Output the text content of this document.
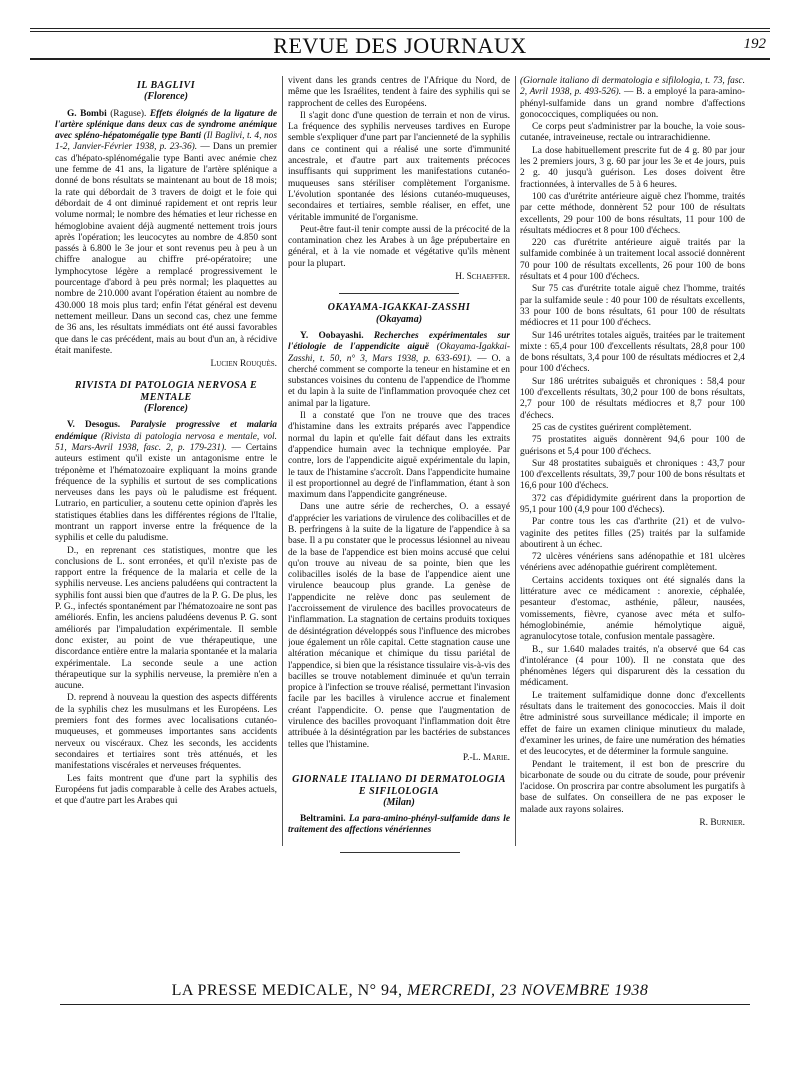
REVUE DES JOURNAUX	192

IL BAGLIVI

(Florence)

G. Bombi (Raguse). Effets éloignés de la ligature de l'artère splénique dans deux cas de syndrome anémique avec spléno-hépatomégalie type Banti (Il Baglivi, t. 4, nos 1-2, Janvier-Février 1938, p. 23-36). — Dans un premier cas d'hépato-splénomégalie type Banti avec anémie chez une femme de 41 ans, la ligature de l'artère splénique a donné de bons résultats se maintenant au bout de 18 mois; la rate qui débordait de 3 travers de doigt et le foie qui débordait de 4 ont diminué rapidement et ont repris leur volume normal; le nombre des hématies et leur richesse en hémoglobine avaient déjà augmenté nettement trois jours après l'opération; les leucocytes au nombre de 4.850 sont passés à 6.800 le 3e jour et sont revenus peu à peu à un chiffre analogue au chiffre pré-opératoire; une lymphocytose légère a remplacé progressivement le pourcentage d'abord à peu près normal; les plaquettes au nombre de 210.000 avant l'opération étaient au nombre de 430.000 18 mois plus tard; enfin l'état général est devenu nettement meilleur. Dans un second cas, chez une femme de 36 ans, les résultats immédiats ont été aussi favorables que dans le cas précédent, mais au bout d'un an, à récidive était manifeste.

Lucien Rouquès.

RIVISTA DI PATOLOGIA NERVOSA E MENTALE

(Florence)

V. Desogus. Paralysie progressive et malaria endémique (Rivista di patologia nervosa e mentale, vol. 51, Mars-Avril 1938, fasc. 2, p. 179-231). — Certains auteurs estiment qu'il existe un antagonisme entre le tréponème et l'hématozoaire expliquant la moins grande fréquence de la syphilis et surtout de ses complications nerveuses dans les pays où le paludisme est fréquent. Lutrario, en particulier, a soutenu cette opinion d'après les statistiques établies dans les différentes régions de l'Italie, montrant un rapport inverse entre la fréquence de la syphilis et celle du paludisme.

D., en reprenant ces statistiques, montre que les conclusions de L. sont erronées, et qu'il n'existe pas de rapport entre la fréquence de la malaria et celle de la syphilis nerveuse. Les anciens paludéens qui contractent la syphilis font aussi bien que d'autres de la P. G. De plus, les P. G., infectés spontanément par l'hématozoaire ne sont pas améliorés. Enfin, les anciens paludéens devenus P. G. sont améliorés par l'impaludation expérimentale. Il semble donc exister, au point de vue thérapeutique, une discordance entière entre la malaria spontanée et la malaria expérimentale. La seconde seule a une action thérapeutique sur la syphilis nerveuse, la première n'en a aucune.

D. reprend à nouveau la question des aspects différents de la syphilis chez les musulmans et les Européens. Les premiers font des formes avec localisations cutanéo-muqueuses, et gommeuses importantes sans accidents nerveux ou viscéraux. Chez les seconds, les accidents secondaires et tertiaires sont très atténués, et les manifestations viscérales et nerveuses fréquentes.

Les faits montrent que d'une part la syphilis des Européens fut jadis comparable à celle des Arabes actuels, et que d'autre part les Arabes qui

vivent dans les grands centres de l'Afrique du Nord, de même que les Israélites, tendent à faire des syphilis qui se rapprochent de celles des Européens.

Il s'agit donc d'une question de terrain et non de virus. La fréquence des syphilis nerveuses tardives en Europe semble s'expliquer d'une part par l'ancienneté de la syphilis dans ce continent qui a réalisé une sorte d'immunité ancestrale, et d'autre part aux traitements précoces insuffisants qui suppriment les manifestations cutanéo-muqueuses sans stériliser complètement l'organisme. L'évolution spontanée des lésions cutanéo-muqueuses, secondaires et tertiaires, semble réaliser, en effet, une véritable immunité de l'organisme.

Peut-être faut-il tenir compte aussi de la précocité de la contamination chez les Arabes à un âge prépubertaire en général, et à la vie nomade et végétative qu'ils mènent pour la plupart.

H. Schaeffer.

OKAYAMA-IGAKKAI-ZASSHI

(Okayama)

Y. Oobayashi. Recherches expérimentales sur l'étiologie de l'appendicite aiguë (Okayama-Igakkai-Zasshi, t. 50, n° 3, Mars 1938, p. 633-691). — O. a cherché comment se comporte la teneur en histamine et en substances voisines du contenu de l'appendice de l'homme et du lapin à la suite de l'inflammation provoquée chez cet animal par la ligature.

Il a constaté que l'on ne trouve que des traces d'histamine dans les extraits préparés avec l'appendice normal du lapin et qu'elle fait défaut dans les extraits d'appendice humain avec la technique employée. Par contre, lors de l'appendicite aiguë expérimentale du lapin, le taux de l'histamine s'accroît. Dans l'appendicite humaine il est proportionnel au degré de l'inflammation, étant à son maximum dans l'appendicite gangréneuse.

Dans une autre série de recherches, O. a essayé d'apprécier les variations de virulence des colibacilles et de B. perfringens à la suite de la ligature de l'appendice à sa base. Il a pu constater que le processus lésionnel au niveau de la base de l'appendice est bien moins accusé que celui qu'on trouve au niveau de sa pointe, bien que les colibacilles isolés de la base de l'appendice aient une virulence beaucoup plus grande. La genèse de l'appendicite ne relève donc pas seulement de l'accroissement de virulence des bacilles provocateurs de l'inflammation. La stagnation de certains produits toxiques de désintégration développés sous l'influence des microbes joue également un rôle capital. Cette stagnation cause une altération mécanique et chimique du tissu pariétal de l'appendice, si bien que la résistance tissulaire vis-à-vis des bacilles se trouve notablement diminuée et qu'un terrain propice à l'infection se trouve réalisé, permettant l'invasion facile par les bacilles à virulence accrue et finalement créant l'appendicite. O. pense que l'augmentation de virulence des bacilles provoquant l'inflammation doit être attribuée à la désintégration par les bactéries de substances telles que l'histamine.

P.-L. Marie.

GIORNALE ITALIANO DI DERMATOLOGIA E SIFILOLOGIA

(Milan)

Beltramini. La para-amino-phényl-sulfamide dans le traitement des affections vénériennes

(Giornale italiano di dermatologia e sifilologia, t. 73, fasc. 2, Avril 1938, p. 493-526). — B. a employé la para-amino-phényl-sulfamide dans un grand nombre d'affections gonococciques, compliquées ou non.

Ce corps peut s'administrer par la bouche, la voie sous-cutanée, intraveineuse, rectale ou intrarachidienne.

La dose habituellement prescrite fut de 4 g. 80 par jour les 2 premiers jours, 3 g. 60 par jour les 3e et 4e jours, puis 2 g. 40 jusqu'à guérison. Les doses doivent être fractionnées, à intervalles de 5 à 6 heures.

100 cas d'urétrite antérieure aiguë chez l'homme, traités par cette méthode, donnèrent 52 pour 100 de résultats excellents, 29 pour 100 de bons résultats, 11 pour 100 de résultats médiocres et 8 pour 100 d'échecs.

220 cas d'urétrite antérieure aiguë traités par la sulfamide combinée à un traitement local associé donnèrent 70 pour 100 de résultats excellents, 26 pour 100 de bons résultats et 4 pour 100 d'échecs.

Sur 75 cas d'urétrite totale aiguë chez l'homme, traités par la sulfamide seule : 40 pour 100 de résultats excellents, 33 pour 100 de bons résultats, 61 pour 100 de résultats médiocres et 11 pour 100 d'échecs.

Sur 146 urétrites totales aiguës, traitées par le traitement mixte : 65,4 pour 100 d'excellents résultats, 28,8 pour 100 de bons résultats, 3,4 pour 100 de résultats médiocres et 2,4 pour 100 d'échecs.

Sur 186 urétrites subaiguës et chroniques : 58,4 pour 100 d'excellents résultats, 30,2 pour 100 de bons résultats, 2,7 pour 100 de résultats médiocres et 8,7 pour 100 d'échecs.

25 cas de cystites guérirent complètement.

75 prostatites aiguës donnèrent 94,6 pour 100 de guérisons et 5,4 pour 100 d'échecs.

Sur 48 prostatites subaiguës et chroniques : 43,7 pour 100 d'excellents résultats, 39,7 pour 100 de bons résultats et 16,6 pour 100 d'échecs.

372 cas d'épididymite guérirent dans la proportion de 95,1 pour 100 (4,9 pour 100 d'échecs).

Par contre tous les cas d'arthrite (21) et de vulvo-vaginite des petites filles (25) traités par la sulfamide aboutirent à un échec.

72 ulcères vénériens sans adénopathie et 181 ulcères vénériens avec adénopathie guérirent complètement.

Certains accidents toxiques ont été signalés dans la littérature avec ce médicament : anorexie, céphalée, pesanteur d'estomac, asthénie, pâleur, nausées, vomissements, fièvre, cyanose avec méta et sulfo-hémoglobinémie, anémie hémolytique aiguë, agranulocytose totale, confusion mentale passagère.

B., sur 1.640 malades traités, n'a observé que 64 cas d'intolérance (4 pour 100). Il ne constata que des phénomènes légers qui disparurent dès la cessation du médicament.

Le traitement sulfamidique donne donc d'excellents résultats dans le traitement des gonococcies. Mais il doit être administré sous surveillance médicale; il importe en effet de faire un examen clinique minutieux du malade, d'examiner les urines, de faire une numération des hématies et des leucocytes, et de déterminer la formule sanguine.

Pendant le traitement, il est bon de prescrire du bicarbonate de soude ou du citrate de soude, pour prévenir l'acidose. On proscrira par contre absolument les purgatifs à base de sulfates. On conseillera de ne pas exposer le malade aux rayons solaires.

R. Burnier.

LA PRESSE MEDICALE, N° 94, MERCREDI, 23 NOVEMBRE 1938
